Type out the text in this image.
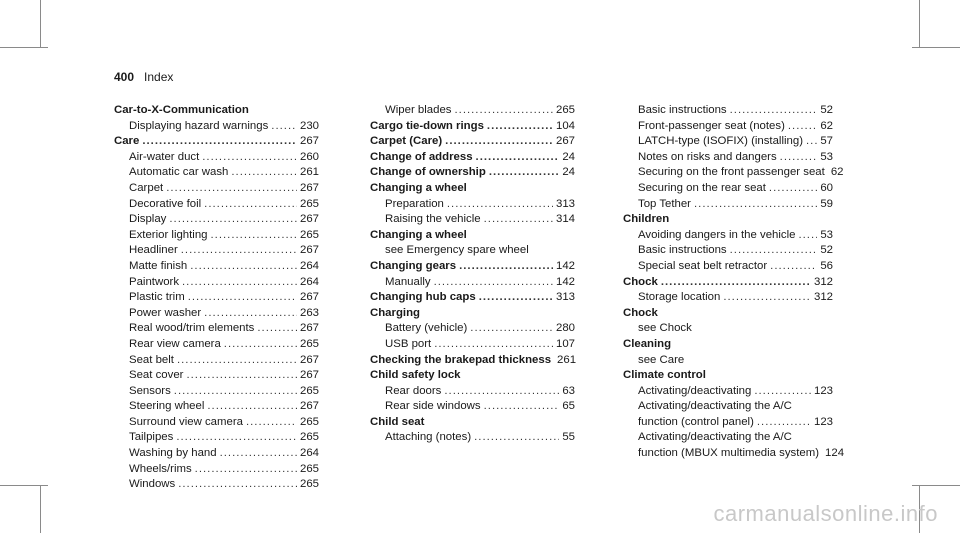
400 Index
Car-to-X-Communication
Displaying hazard warnings .....	230
Care .....	267
Air-water duct .....	260
Automatic car wash .....	261
Carpet .....	267
Decorative foil .....	265
Display .....	267
Exterior lighting .....	265
Headliner .....	267
Matte finish .....	264
Paintwork .....	264
Plastic trim .....	267
Power washer .....	263
Real wood/trim elements .....	267
Rear view camera .....	265
Seat belt .....	267
Seat cover .....	267
Sensors .....	265
Steering wheel .....	267
Surround view camera .....	265
Tailpipes .....	265
Washing by hand .....	264
Wheels/rims .....	265
Windows .....	265
Wiper blades .....	265
Cargo tie-down rings .....	104
Carpet (Care) .....	267
Change of address .....	24
Change of ownership .....	24
Changing a wheel
Preparation .....	313
Raising the vehicle .....	314
Changing a wheel
see Emergency spare wheel
Changing gears .....	142
Manually .....	142
Changing hub caps .....	313
Charging
Battery (vehicle) .....	280
USB port .....	107
Checking the brakepad thickness 261
Child safety lock
Rear doors .....	63
Rear side windows .....	65
Child seat
Attaching (notes) .....	55
Basic instructions .....	52
Front-passenger seat (notes) .....	62
LATCH-type (ISOFIX) (installing) ..... 57
Notes on risks and dangers .....	53
Securing on the front passenger seat 62
Securing on the rear seat .....	60
Top Tether .....	59
Children
Avoiding dangers in the vehicle ..... 53
Basic instructions .....	52
Special seat belt retractor .....	56
Chock .....	312
Storage location .....	312
Chock
see Chock
Cleaning
see Care
Climate control
Activating/deactivating .....	123
Activating/deactivating the A/C
function (control panel) .....	123
Activating/deactivating the A/C
function (MBUX multimedia system) 124
carmanualsonline.info
